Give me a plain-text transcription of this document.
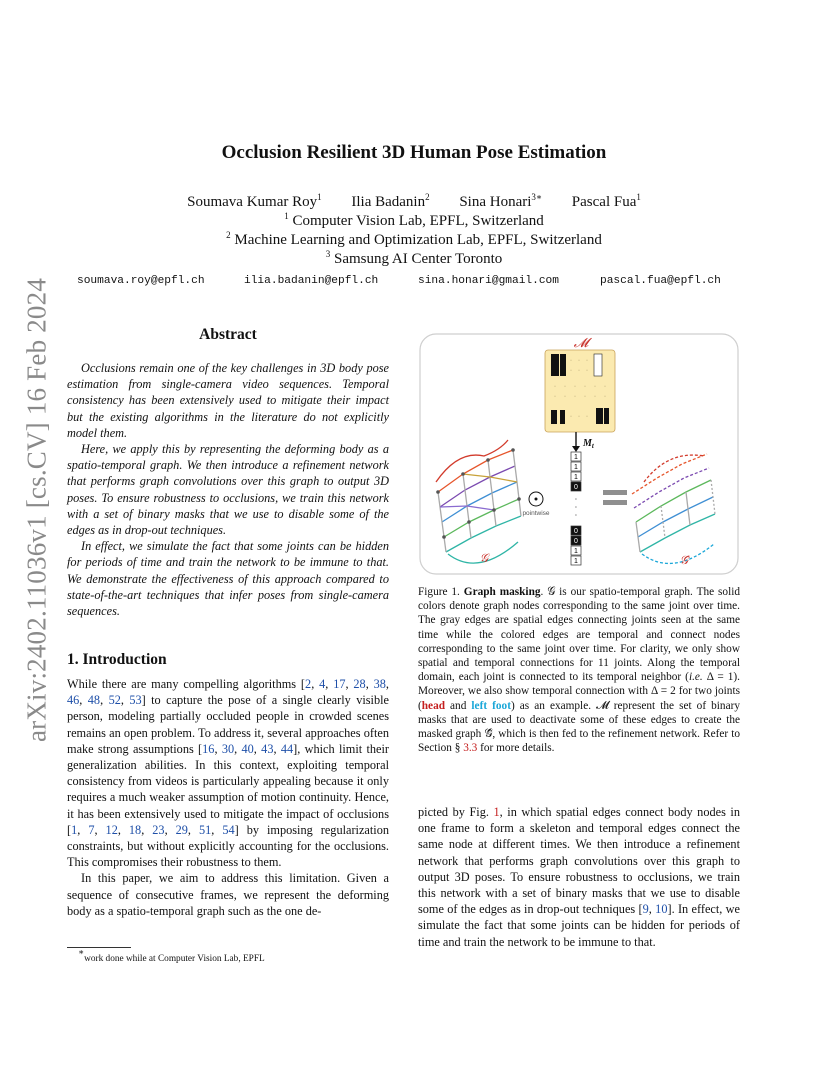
arXiv:2402.11036v1 [cs.CV] 16 Feb 2024
Occlusion Resilient 3D Human Pose Estimation
Soumava Kumar Roy$^1$ Ilia Badanin$^2$ Sina Honari$^{3∗}$ Pascal Fua$^1$
$^1$ Computer Vision Lab, EPFL, Switzerland
$^2$ Machine Learning and Optimization Lab, EPFL, Switzerland
$^3$ Samsung AI Center Toronto
soumava.roy@epfl.ch	ilia.badanin@epfl.ch	sina.honari@gmail.com	pascal.fua@epfl.ch
Abstract

Occlusions remain one of the key challenges in 3D body pose estimation from single-camera video sequences. Temporal consistency has been extensively used to mitigate their impact but the existing algorithms in the literature do not explicitly model them.

Here, we apply this by representing the deforming body as a spatio-temporal graph. We then introduce a refinement network that performs graph convolutions over this graph to output 3D poses. To ensure robustness to occlusions, we train this network with a set of binary masks that we use to disable some of the edges as in drop-out techniques.

In effect, we simulate the fact that some joints can be hidden for periods of time and train the network to be immune to that. We demonstrate the effectiveness of this approach compared to state-of-the-art techniques that infer poses from single-camera sequences.

1. Introduction

While there are many compelling algorithms [2, 4, 17, 28, 38, 46, 48, 52, 53] to capture the pose of a single clearly visible person, modeling partially occluded people in crowded scenes remains an open problem. To address it, several approaches often make strong assumptions [16, 30, 40, 43, 44], which limit their generalization abilities. In this context, exploiting temporal consistency from videos is particularly appealing because it only requires a much weaker assumption of motion continuity. Hence, it has been extensively used to mitigate the impact of occlusions [1, 7, 12, 18, 23, 29, 51, 54] by imposing regularization constraints, but without explicitly accounting for the occlusions. This compromises their robustness to them.

In this paper, we aim to address this limitation. Given a sequence of consecutive frames, we represent the deforming body as a spatio-temporal graph such as the one de-

∗work done while at Computer Vision Lab, EPFL
𝓜
· · ·
· · ·
· · · · · ·
· · · · · ·
· · ·
$M_t$
1
1
1
0
·
·
·
0
0
1
1
pointwise
𝒢	𝒢̂
Figure 1. Graph masking. 𝒢 is our spatio-temporal graph. The solid colors denote graph nodes corresponding to the same joint over time. The gray edges are spatial edges connecting joints seen at the same time while the colored edges are temporal and connect nodes corresponding to the same joint over time. For clarity, we only show spatial and temporal connections for 11 joints. Along the temporal domain, each joint is connected to its temporal neighbor (i.e. Δ = 1). Moreover, we also show temporal connection with Δ = 2 for two joints (head and left foot) as an example. 𝓜 represent the set of binary masks that are used to deactivate some of these edges to create the masked graph 𝒢̂, which is then fed to the refinement network. Refer to Section § 3.3 for more details.

picted by Fig. 1, in which spatial edges connect body nodes in one frame to form a skeleton and temporal edges connect the same node at different times. We then introduce a refinement network that performs graph convolutions over this graph to output 3D poses. To ensure robustness to occlusions, we train this network with a set of binary masks that we use to disable some of the edges as in drop-out techniques [9, 10]. In effect, we simulate the fact that some joints can be hidden for periods of time and train the network to be immune to that.
